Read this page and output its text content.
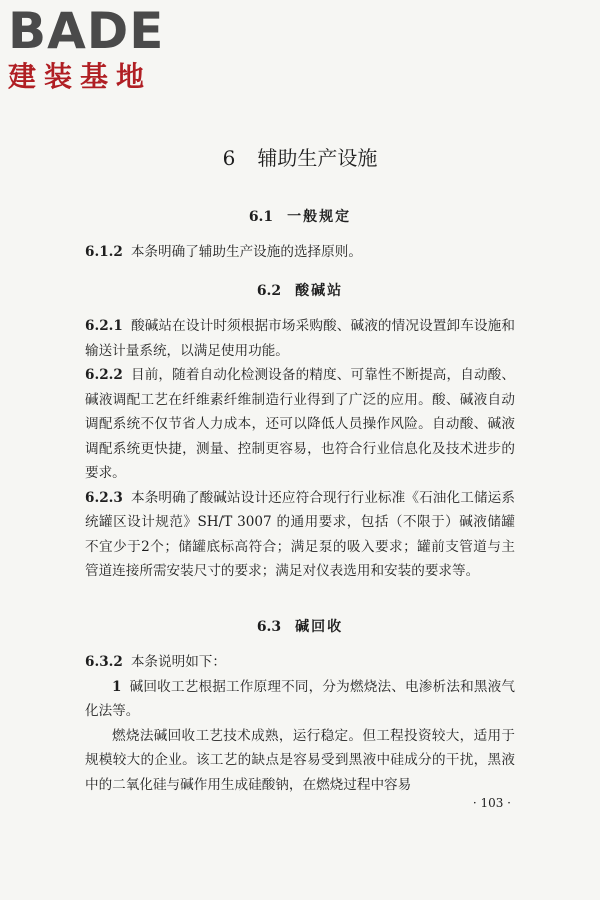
BADE
建装基地
6 辅助生产设施
6.1 一般规定

6.1.2 本条明确了辅助生产设施的选择原则。

6.2 酸碱站

6.2.1 酸碱站在设计时须根据市场采购酸、碱液的情况设置卸车设施和输送计量系统，以满足使用功能。

6.2.2 目前，随着自动化检测设备的精度、可靠性不断提高，自动酸、碱液调配工艺在纤维素纤维制造行业得到了广泛的应用。酸、碱液自动调配系统不仅节省人力成本，还可以降低人员操作风险。自动酸、碱液调配系统更快捷，测量、控制更容易，也符合行业信息化及技术进步的要求。

6.2.3 本条明确了酸碱站设计还应符合现行行业标准《石油化工储运系统罐区设计规范》SH/T 3007 的通用要求，包括（不限于）碱液储罐不宜少于2个；储罐底标高符合；满足泵的吸入要求；罐前支管道与主管道连接所需安装尺寸的要求；满足对仪表选用和安装的要求等。

6.3 碱回收

6.3.2 本条说明如下：

1 碱回收工艺根据工作原理不同，分为燃烧法、电渗析法和黑液气化法等。

燃烧法碱回收工艺技术成熟，运行稳定。但工程投资较大，适用于规模较大的企业。该工艺的缺点是容易受到黑液中硅成分的干扰，黑液中的二氧化硅与碱作用生成硅酸钠，在燃烧过程中容易

· 103 ·
